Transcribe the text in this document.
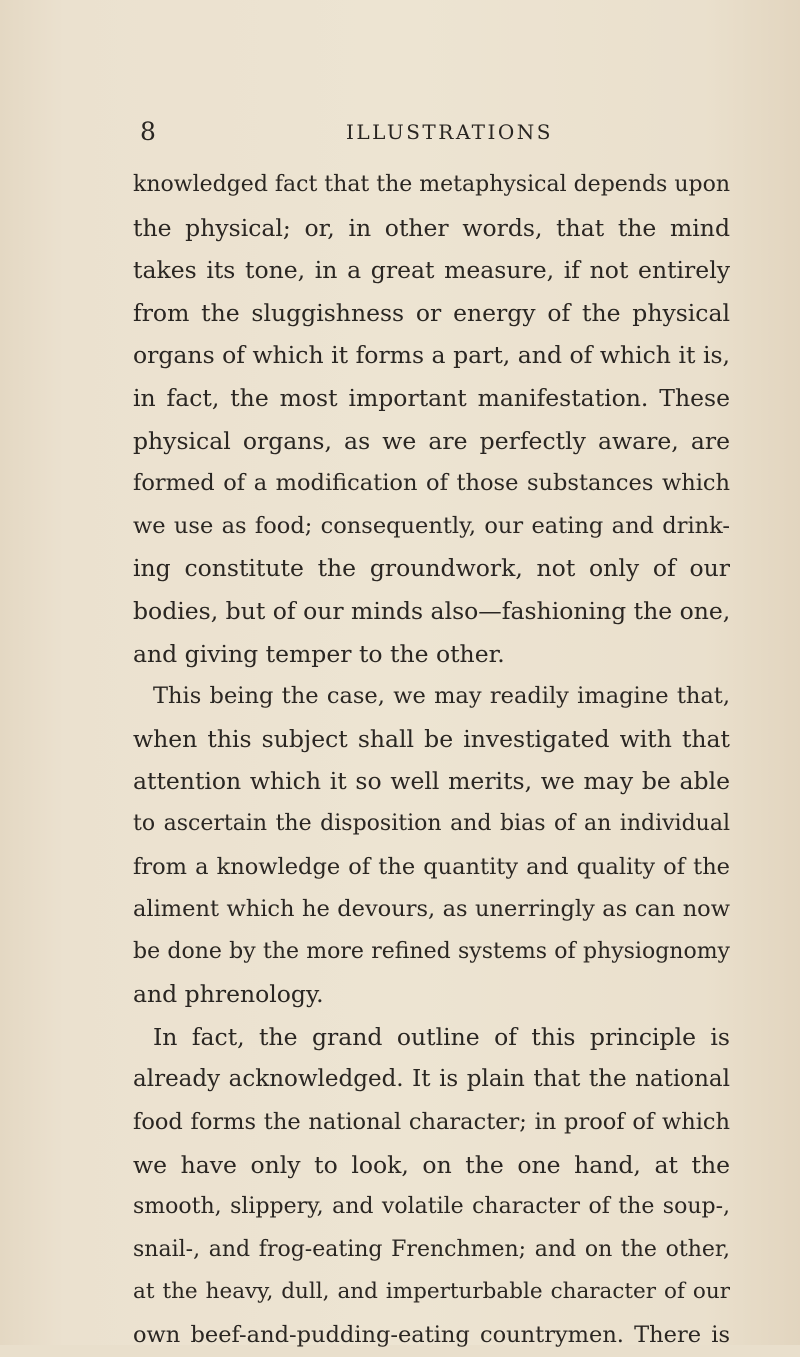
8	ILLUSTRATIONS
knowledged fact that the metaphysical depends upon
the physical; or, in other words, that the mind
takes its tone, in a great measure, if not entirely
from the sluggishness or energy of the physical
organs of which it forms a part, and of which it is,
in fact, the most important manifestation. These
physical organs, as we are perfectly aware, are
formed of a modification of those substances which
we use as food; consequently, our eating and drink-
ing constitute the groundwork, not only of our
bodies, but of our minds also—fashioning the one,
and giving temper to the other.
This being the case, we may readily imagine that,
when this subject shall be investigated with that
attention which it so well merits, we may be able
to ascertain the disposition and bias of an individual
from a knowledge of the quantity and quality of the
aliment which he devours, as unerringly as can now
be done by the more refined systems of physiognomy
and phrenology.
In fact, the grand outline of this principle is
already acknowledged. It is plain that the national
food forms the national character; in proof of which
we have only to look, on the one hand, at the
smooth, slippery, and volatile character of the soup-,
snail-, and frog-eating Frenchmen; and on the other,
at the heavy, dull, and imperturbable character of our
own beef-and-pudding-eating countrymen. There is
